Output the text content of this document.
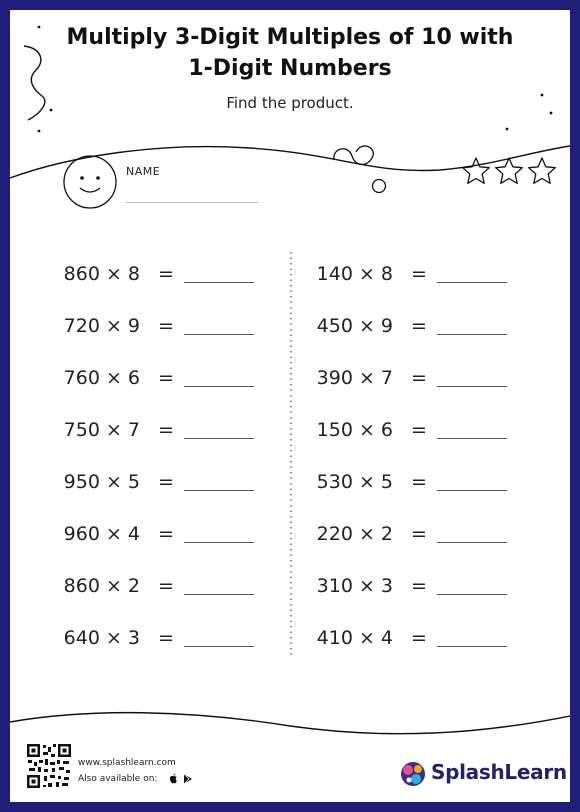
Multiply 3-Digit Multiples of 10 with
1-Digit Numbers
Find the product.
NAME
860 × 8 =
720 × 9 =
760 × 6 =
750 × 7 =
950 × 5 =
960 × 4 =
860 × 2 =
640 × 3 =
140 × 8 =
450 × 9 =
390 × 7 =
150 × 6 =
530 × 5 =
220 × 2 =
310 × 3 =
410 × 4 =
www.splashlearn.com
Also available on:	SplashLearn
